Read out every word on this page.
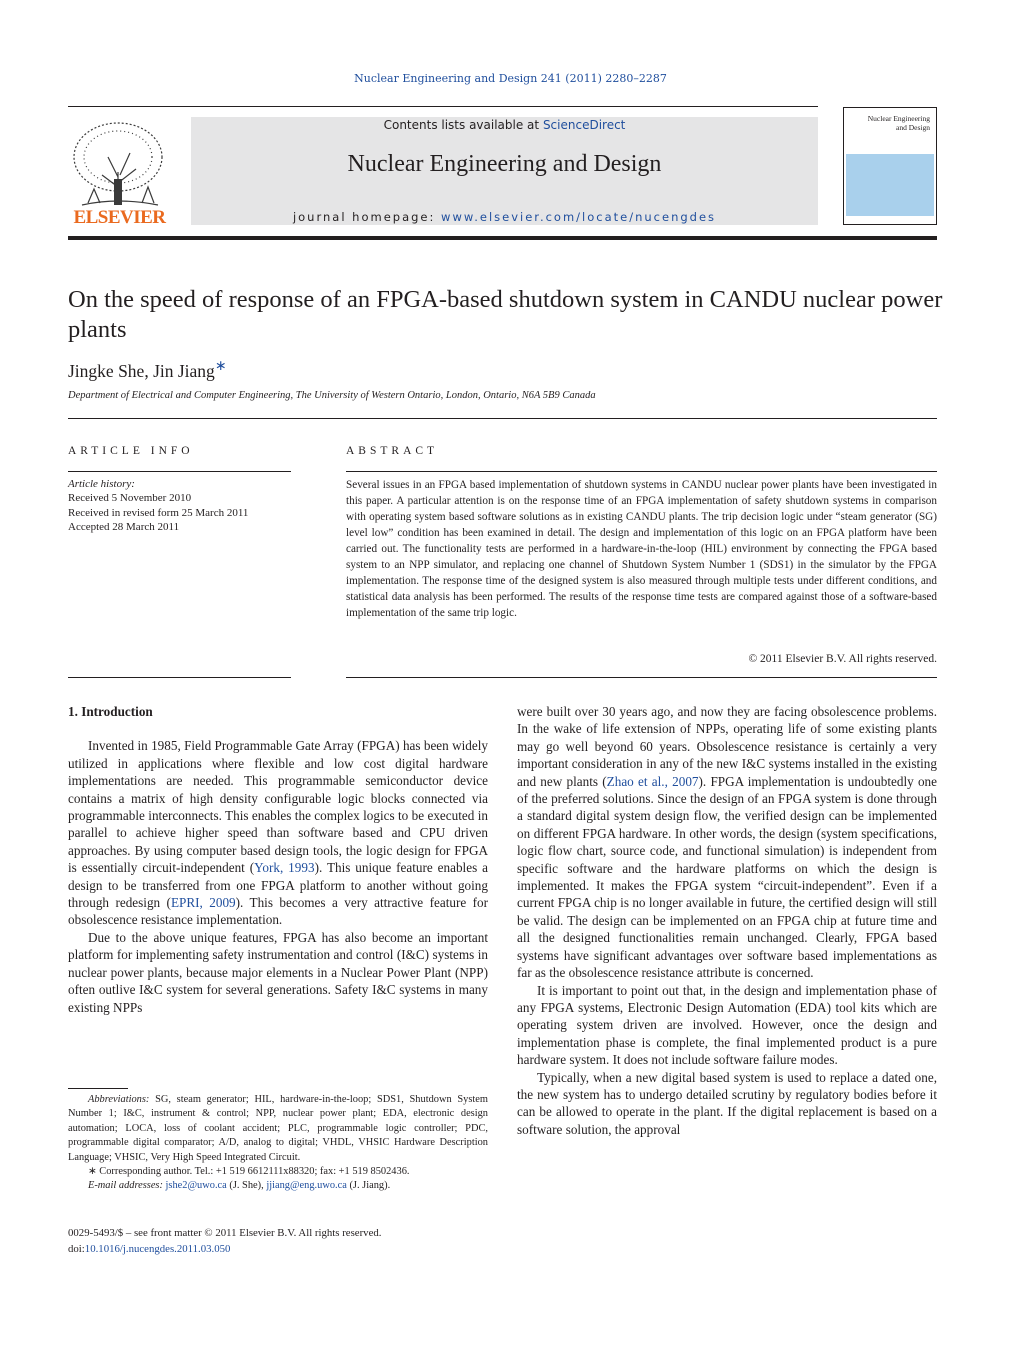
Nuclear Engineering and Design 241 (2011) 2280–2287
ELSEVIER
Contents lists available at ScienceDirect
Nuclear Engineering and Design
journal homepage: www.elsevier.com/locate/nucengdes
Nuclear Engineering
and Design
On the speed of response of an FPGA-based shutdown system in CANDU nuclear power plants
Jingke She, Jin Jiang∗
Department of Electrical and Computer Engineering, The University of Western Ontario, London, Ontario, N6A 5B9 Canada
ARTICLE INFO	ABSTRACT
Article history:
Received 5 November 2010
Received in revised form 25 March 2011
Accepted 28 March 2011
Several issues in an FPGA based implementation of shutdown systems in CANDU nuclear power plants have been investigated in this paper. A particular attention is on the response time of an FPGA implementation of safety shutdown systems in comparison with operating system based software solutions as in existing CANDU plants. The trip decision logic under “steam generator (SG) level low” condition has been examined in detail. The design and implementation of this logic on an FPGA platform have been carried out. The functionality tests are performed in a hardware-in-the-loop (HIL) environment by connecting the FPGA based system to an NPP simulator, and replacing one channel of Shutdown System Number 1 (SDS1) in the simulator by the FPGA implementation. The response time of the designed system is also measured through multiple tests under different conditions, and statistical data analysis has been performed. The results of the response time tests are compared against those of a software-based implementation of the same trip logic.
© 2011 Elsevier B.V. All rights reserved.

1. Introduction

Invented in 1985, Field Programmable Gate Array (FPGA) has been widely utilized in applications where flexible and low cost digital hardware implementations are needed. This programmable semiconductor device contains a matrix of high density configurable logic blocks connected via programmable interconnects. This enables the complex logics to be executed in parallel to achieve higher speed than software based and CPU driven approaches. By using computer based design tools, the logic design for FPGA is essentially circuit-independent (York, 1993). This unique feature enables a design to be transferred from one FPGA platform to another without going through redesign (EPRI, 2009). This becomes a very attractive feature for obsolescence resistance implementation.

Due to the above unique features, FPGA has also become an important platform for implementing safety instrumentation and control (I&C) systems in nuclear power plants, because major elements in a Nuclear Power Plant (NPP) often outlive I&C system for several generations. Safety I&C systems in many existing NPPs

were built over 30 years ago, and now they are facing obsolescence problems. In the wake of life extension of NPPs, operating life of some existing plants may go well beyond 60 years. Obsolescence resistance is certainly a very important consideration in any of the new I&C systems installed in the existing and new plants (Zhao et al., 2007). FPGA implementation is undoubtedly one of the preferred solutions. Since the design of an FPGA system is done through a standard digital system design flow, the verified design can be implemented on different FPGA hardware. In other words, the design (system specifications, logic flow chart, source code, and functional simulation) is independent from specific software and the hardware platforms on which the design is implemented. It makes the FPGA system “circuit-independent”. Even if a current FPGA chip is no longer available in future, the certified design will still be valid. The design can be implemented on an FPGA chip at future time and all the designed functionalities remain unchanged. Clearly, FPGA based systems have significant advantages over software based implementations as far as the obsolescence resistance attribute is concerned.

It is important to point out that, in the design and implementation phase of any FPGA systems, Electronic Design Automation (EDA) tool kits which are operating system driven are involved. However, once the design and implementation phase is complete, the final implemented product is a pure hardware system. It does not include software failure modes.

Typically, when a new digital based system is used to replace a dated one, the new system has to undergo detailed scrutiny by regulatory bodies before it can be allowed to operate in the plant. If the digital replacement is based on a software solution, the approval

Abbreviations: SG, steam generator; HIL, hardware-in-the-loop; SDS1, Shutdown System Number 1; I&C, instrument & control; NPP, nuclear power plant; EDA, electronic design automation; LOCA, loss of coolant accident; PLC, programmable logic controller; PDC, programmable digital comparator; A/D, analog to digital; VHDL, VHSIC Hardware Description Language; VHSIC, Very High Speed Integrated Circuit.

∗ Corresponding author. Tel.: +1 519 6612111x88320; fax: +1 519 8502436.

E-mail addresses: jshe2@uwo.ca (J. She), jjiang@eng.uwo.ca (J. Jiang).

0029-5493/$ – see front matter © 2011 Elsevier B.V. All rights reserved.
doi:10.1016/j.nucengdes.2011.03.050
